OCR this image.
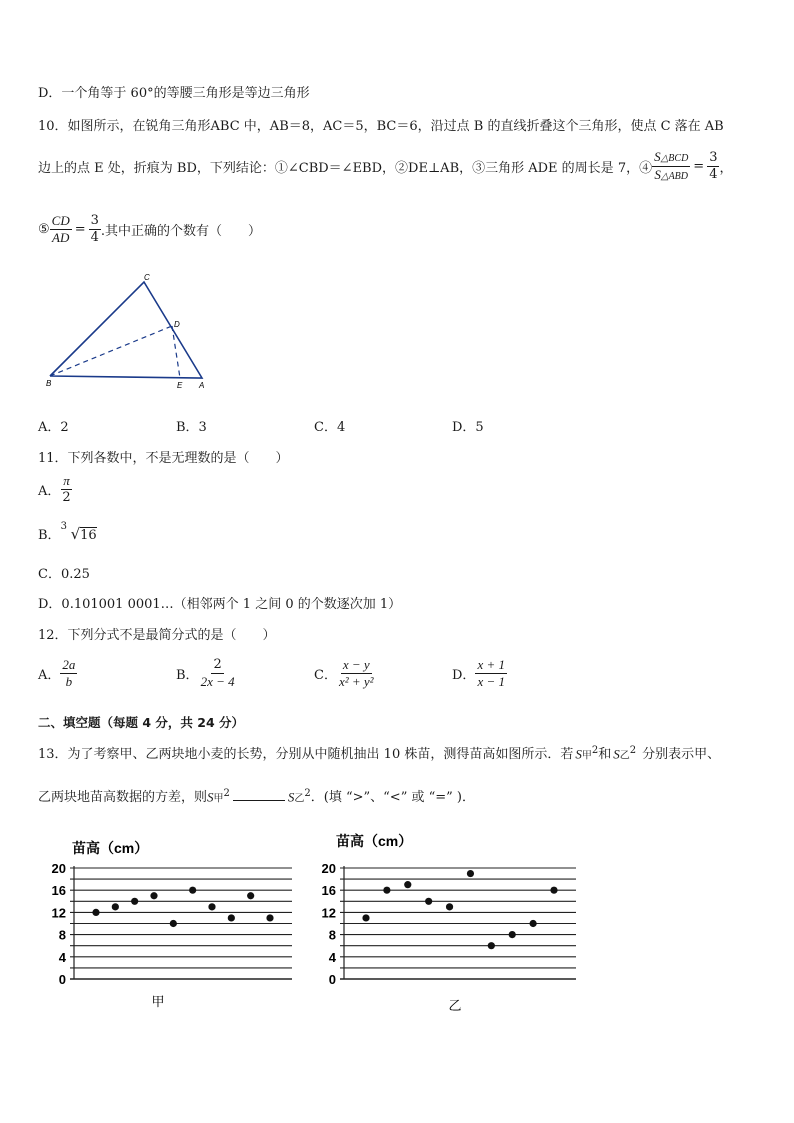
D．一个角等于 60°的等腰三角形是等边三角形
10．如图所示，在锐角三角形ABC 中，AB＝8，AC＝5，BC＝6，沿过点 B 的直线折叠这个三角形，使点 C 落在 AB
边上的点 E 处，折痕为 BD，下列结论：①∠CBD＝∠EBD，②DE⊥AB，③三角形 ADE 的周长是 7，④ $\frac{\text{S△BCD}}{\text{S△ABD}} = \frac{3}{4}$ ，
⑤ $\frac{CD}{AD} = \frac{3}{4}$ .其中正确的个数有（　　）
C
D
B	E A
A．2	B．3	C．4	D．5
11．下列各数中，不是无理数的是（　　）
A． $\frac{\pi}{2}$
B．
3 √16
C．0.25
D．0.101001 0001…（相邻两个 1 之间 0 的个数逐次加 1）
12．下列分式不是最简分式的是（　　）
A． $\frac{2a}{b}$	B． $\frac{2}{2x - 4}$	C． $\frac{x - y}{\text{x² + y²}}$	D． $\frac{x + 1}{x - 1}$
二、填空题（每题 4 分，共 24 分）
13．为了考察甲、乙两块地小麦的长势，分别从中随机抽出 10 株苗，测得苗高如图所示．若 S甲$^2$ 和 S乙$^2$ 分别表示甲、
乙两块地苗高数据的方差，则 S甲$^2$	S乙$^2$ ．(填 “>”、“<” 或 “=” )．
苗高（cm）
0
4
8
12
16
20
甲
苗高（cm）
0
4
8
12
16
20
乙
